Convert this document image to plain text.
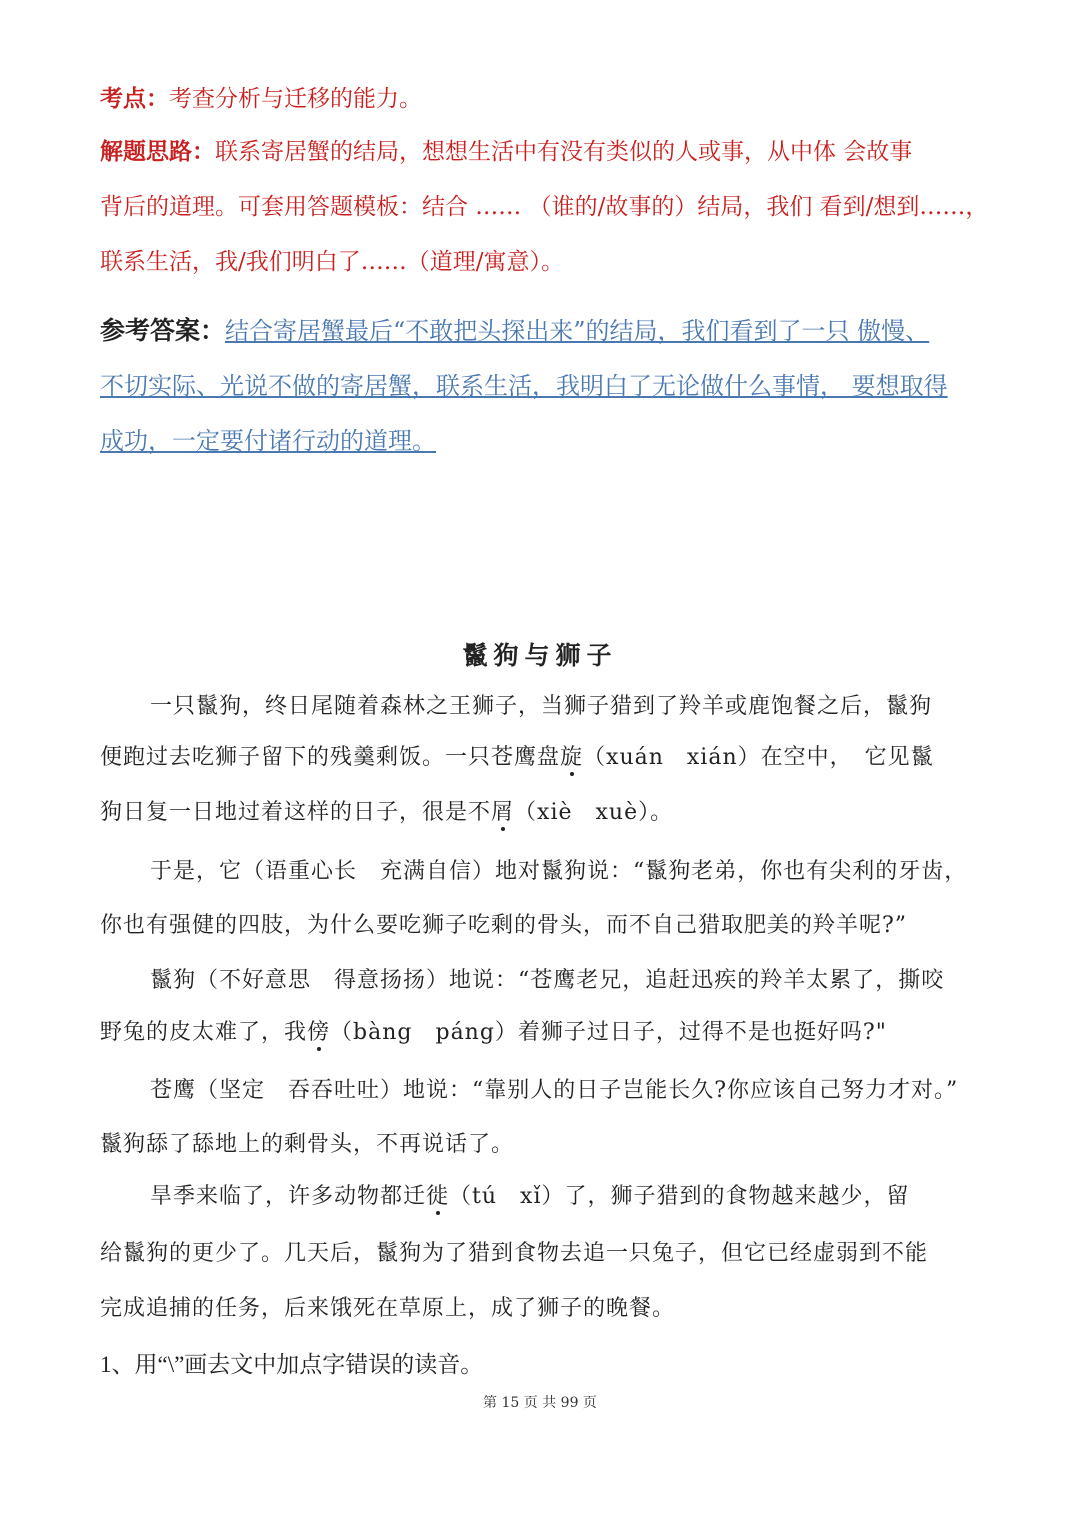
考点：考查分析与迁移的能力。
解题思路：联系寄居蟹的结局，想想生活中有没有类似的人或事，从中体 会故事
背后的道理。可套用答题模板：结合 …… （谁的/故事的）结局，我们 看到/想到……，
联系生活，我/我们明白了……（道理/寓意）。
参考答案：结合寄居蟹最后“不敢把头探出来”的结局，我们看到了一只 傲慢、
不切实际、光说不做的寄居蟹，联系生活，我明白了无论做什么事情， 要想取得
成功，一定要付诸行动的道理。
鬣狗与狮子
一只鬣狗，终日尾随着森林之王狮子，当狮子猎到了羚羊或鹿饱餐之后，鬣狗
便跑过去吃狮子留下的残羹剩饭。一只苍鹰盘旋（xuán　xián）在空中，　它见鬣
狗日复一日地过着这样的日子，很是不屑（xiè　xuè）。
于是，它（语重心长　充满自信）地对鬣狗说：“鬣狗老弟，你也有尖利的牙齿，
你也有强健的四肢，为什么要吃狮子吃剩的骨头，而不自己猎取肥美的羚羊呢?”
鬣狗（不好意思　得意扬扬）地说：“苍鹰老兄，追赶迅疾的羚羊太累了，撕咬
野兔的皮太难了，我傍（bàng　páng）着狮子过日子，过得不是也挺好吗?"
苍鹰（坚定　吞吞吐吐）地说：“靠别人的日子岂能长久?你应该自己努力才对。”
鬣狗舔了舔地上的剩骨头，不再说话了。
旱季来临了，许多动物都迁徙（tú　xǐ）了，狮子猎到的食物越来越少，留
给鬣狗的更少了。几天后，鬣狗为了猎到食物去追一只兔子，但它已经虚弱到不能
完成追捕的任务，后来饿死在草原上，成了狮子的晚餐。
1、用“\”画去文中加点字错误的读音。
第 15 页 共 99 页
